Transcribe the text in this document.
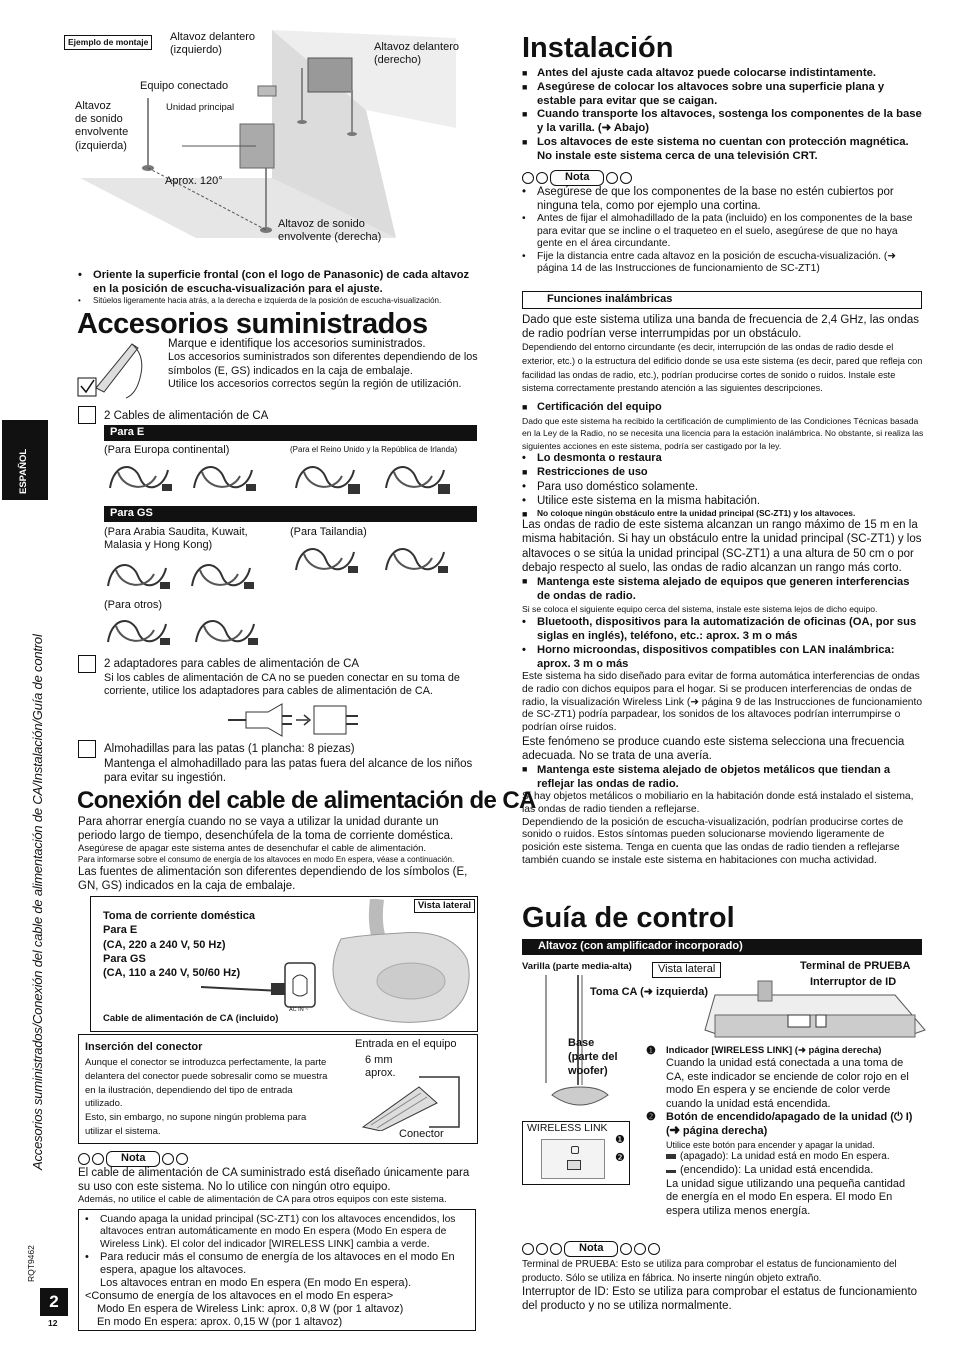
Ejemplo de montaje	Altavoz delantero
(izquierdo)	Altavoz delantero
(derecho)
Equipo conectado
Unidad principal
Altavoz
de sonido
envolvente
(izquierda)
Aprox. 120°
Altavoz de sonido
envolvente (derecha)
• Oriente la superficie frontal (con el logo de Panasonic) de cada altavoz en la posición de escucha-visualización para el ajuste.
• Sitúelos ligeramente hacia atrás, a la derecha e izquierda de la posición de escucha-visualización.
Accesorios suministrados
Marque e identifique los accesorios suministrados.
Los accesorios suministrados son diferentes dependiendo de los símbolos (E, GS) indicados en la caja de embalaje.
Utilice los accesorios correctos según la región de utilización.
2 Cables de alimentación de CA
Para E
(Para Europa continental)	(Para el Reino Unido y la República de Irlanda)
Para GS
(Para Arabia Saudita, Kuwait, Malasia y Hong Kong)
(Para Tailandia)
(Para otros)
2 adaptadores para cables de alimentación de CA
Si los cables de alimentación de CA no se pueden conectar en su toma de corriente, utilice los adaptadores para cables de alimentación de CA.
Almohadillas para las patas (1 plancha: 8 piezas)
Mantenga el almohadillado para las patas fuera del alcance de los niños para evitar su ingestión.
Conexión del cable de alimentación de CA
Para ahorrar energía cuando no se vaya a utilizar la unidad durante un periodo largo de tiempo, desenchúfela de la toma de corriente doméstica.
Asegúrese de apagar este sistema antes de desenchufar el cable de alimentación.
Para informarse sobre el consumo de energía de los altavoces en modo En espera, véase a continuación.
Las fuentes de alimentación son diferentes dependiendo de los símbolos (E, GN, GS) indicados en la caja de embalaje.
Vista lateral
Toma de corriente doméstica
Para E
(CA, 220 a 240 V, 50 Hz)
Para GS
(CA, 110 a 240 V, 50/60 Hz)
AC IN ~
Cable de alimentación de CA (incluido)
Inserción del conector
Aunque el conector se introduzca perfectamente, la parte delantera del conector puede sobresalir como se muestra en la ilustración, dependiendo del tipo de entrada utilizado.
Esto, sin embargo, no supone ningún problema para utilizar el sistema.
Entrada en el equipo
6 mm
aprox.
Conector
Nota
El cable de alimentación de CA suministrado está diseñado únicamente para su uso con este sistema. No lo utilice con ningún otro equipo.
Además, no utilice el cable de alimentación de CA para otros equipos con este sistema.
• Cuando apaga la unidad principal (SC-ZT1) con los altavoces encendidos, los altavoces entran automáticamente en modo En espera (Modo En espera de Wireless Link). El color del indicador [WIRELESS LINK] cambia a verde.
• Para reducir más el consumo de energía de los altavoces en el modo En espera, apague los altavoces.
Los altavoces entran en modo En espera (En modo En espera).
<Consumo de energía de los altavoces en el modo En espera>
Modo En espera de Wireless Link: aprox. 0,8 W (por 1 altavoz)
En modo En espera: aprox. 0,15 W (por 1 altavoz)
ESPAÑOL
Accesorios suministrados/Conexión del cable de alimentación de CA/Instalación/Guía de control
RQT9462
2
12
Instalación
■ Antes del ajuste cada altavoz puede colocarse indistintamente.
■ Asegúrese de colocar los altavoces sobre una superficie plana y estable para evitar que se caigan.
■ Cuando transporte los altavoces, sostenga los componentes de la base y la varilla. (➜ Abajo)
■ Los altavoces de este sistema no cuentan con protección magnética. No instale este sistema cerca de una televisión CRT.
Nota
• Asegúrese de que los componentes de la base no estén cubiertos por ninguna tela, como por ejemplo una cortina.
• Antes de fijar el almohadillado de la pata (incluido) en los componentes de la base para evitar que se incline o el traqueteo en el suelo, asegúrese de que no haya gente en el área circundante.
• Fije la distancia entre cada altavoz en la posición de escucha-visualización. (➜ página 14 de las Instrucciones de funcionamiento de SC-ZT1)
Funciones inalámbricas
Dado que este sistema utiliza una banda de frecuencia de 2,4 GHz, las ondas de radio podrían verse interrumpidas por un obstáculo.
Dependiendo del entorno circundante (es decir, interrupción de las ondas de radio desde el exterior, etc.) o la estructura del edificio donde se usa este sistema (es decir, pared que refleja con facilidad las ondas de radio, etc.), podrían producirse cortes de sonido o ruidos. Instale este sistema correctamente prestando atención a las siguientes descripciones.
■ Certificación del equipo
Dado que este sistema ha recibido la certificación de cumplimiento de las Condiciones Técnicas basada en la Ley de la Radio, no se necesita una licencia para la estación inalámbrica. No obstante, si realiza las siguientes acciones en este sistema, podría ser castigado por la ley.
• Lo desmonta o restaura
■ Restricciones de uso
• Para uso doméstico solamente.
• Utilice este sistema en la misma habitación.
■ No coloque ningún obstáculo entre la unidad principal (SC-ZT1) y los altavoces.
Las ondas de radio de este sistema alcanzan un rango máximo de 15 m en la misma habitación. Si hay un obstáculo entre la unidad principal (SC-ZT1) y los altavoces o se sitúa la unidad principal (SC-ZT1) a una altura de 50 cm o por debajo respecto al suelo, las ondas de radio alcanzan un rango más corto.
■ Mantenga este sistema alejado de equipos que generen interferencias de ondas de radio.
Si se coloca el siguiente equipo cerca del sistema, instale este sistema lejos de dicho equipo.
• Bluetooth, dispositivos para la automatización de oficinas (OA, por sus siglas en inglés), teléfono, etc.: aprox. 3 m o más
• Horno microondas, dispositivos compatibles con LAN inalámbrica: aprox. 3 m o más
Este sistema ha sido diseñado para evitar de forma automática interferencias de ondas de radio con dichos equipos para el hogar. Si se producen interferencias de ondas de radio, la visualización Wireless Link (➜ página 9 de las Instrucciones de funcionamiento de SC-ZT1) podría parpadear, los sonidos de los altavoces podrían interrumpirse o podrían oírse ruidos.
Este fenómeno se produce cuando este sistema selecciona una frecuencia adecuada. No se trata de una avería.
■ Mantenga este sistema alejado de objetos metálicos que tiendan a reflejar las ondas de radio.
Si hay objetos metálicos o mobiliario en la habitación donde está instalado el sistema, las ondas de radio tienden a reflejarse.
Dependiendo de la posición de escucha-visualización, podrían producirse cortes de sonido o ruidos. Estos síntomas pueden solucionarse moviendo ligeramente de posición este sistema. Tenga en cuenta que las ondas de radio tienden a reflejarse también cuando se instale este sistema en habitaciones con mucha actividad.
Guía de control
Altavoz (con amplificador incorporado)
Varilla (parte media-alta)	Vista lateral	Terminal de PRUEBA
Interruptor de ID
Toma CA (➜ izquierda)
Base
(parte del
woofer)
WIRELESS LINK
❶
❷
❶ Indicador [WIRELESS LINK] (➜ página derecha)
Cuando la unidad está conectada a una toma de CA, este indicador se enciende de color rojo en el modo En espera y se enciende de color verde cuando la unidad está encendida.
❷ Botón de encendido/apagado de la unidad (⏻ I) (➜ página derecha)
Utilice este botón para encender y apagar la unidad.
(apagado): La unidad está en modo En espera.
(encendido): La unidad está encendida.
La unidad sigue utilizando una pequeña cantidad de energía en el modo En espera. El modo En espera utiliza menos energía.
Nota
Terminal de PRUEBA: Esto se utiliza para comprobar el estatus de funcionamiento del producto. Sólo se utiliza en fábrica. No inserte ningún objeto extraño.
Interruptor de ID: Esto se utiliza para comprobar el estatus de funcionamiento del producto y no se utiliza normalmente.
